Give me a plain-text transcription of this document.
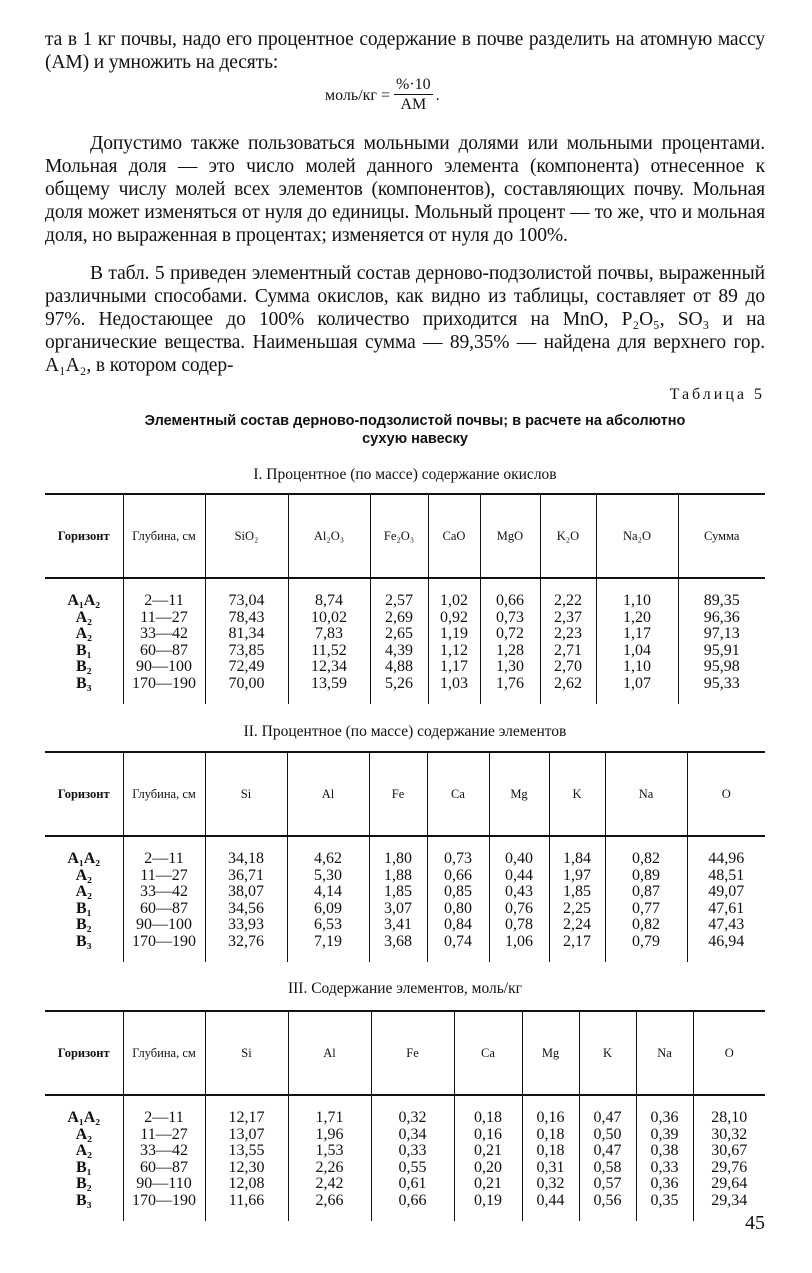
та в 1 кг почвы, надо его процентное содержание в почве разделить на атомную массу (AM) и умножить на десять:

моль/кг = $\frac{\%\cdot 10}{AM}$ .

Допустимо также пользоваться мольными долями или мольными процентами. Мольная доля — это число молей данного элемента (компонента) отнесенное к общему числу молей всех элементов (компонентов), составляющих почву. Мольная доля может изменяться от нуля до единицы. Мольный процент — то же, что и мольная доля, но выраженная в процентах; изменяется от нуля до 100%.

В табл. 5 приведен элементный состав дерново-подзолистой почвы, выраженный различными способами. Сумма окислов, как видно из таблицы, составляет от 89 до 97%. Недостающее до 100% количество приходится на MnO, P₂O₅, SO₃ и на органические вещества. Наименьшая сумма — 89,35% — найдена для верхнего гор. A₁A₂, в котором содер-

Таблица 5
Элементный состав дерново-подзолистой почвы; в расчете на абсолютно сухую навеску
I. Процентное (по массе) содержание окислов
Горизонт	Глубина, см	SiO₂	Al₂O₃	Fe₂O₃	CaO	MgO	K₂O	Na₂O	Сумма

A₁A₂	2—11	73,04	8,74	2,57	1,02	0,66	2,22	1,10	89,35
A₂	11—27	78,43	10,02	2,69	0,92	0,73	2,37	1,20	96,36
A₂	33—42	81,34	7,83	2,65	1,19	0,72	2,23	1,17	97,13
B₁	60—87	73,85	11,52	4,39	1,12	1,28	2,71	1,04	95,91
B₂	90—100	72,49	12,34	4,88	1,17	1,30	2,70	1,10	95,98
B₃	170—190	70,00	13,59	5,26	1,03	1,76	2,62	1,07	95,33

II. Процентное (по массе) содержание элементов
Горизонт	Глубина, см	Si	Al	Fe	Ca	Mg	K	Na	O

A₁A₂	2—11	34,18	4,62	1,80	0,73	0,40	1,84	0,82	44,96
A₂	11—27	36,71	5,30	1,88	0,66	0,44	1,97	0,89	48,51
A₂	33—42	38,07	4,14	1,85	0,85	0,43	1,85	0,87	49,07
B₁	60—87	34,56	6,09	3,07	0,80	0,76	2,25	0,77	47,61
B₂	90—100	33,93	6,53	3,41	0,84	0,78	2,24	0,82	47,43
B₃	170—190	32,76	7,19	3,68	0,74	1,06	2,17	0,79	46,94

III. Содержание элементов, моль/кг
Горизонт	Глубина, см	Si	Al	Fe	Ca	Mg	K	Na	O

A₁A₂	2—11	12,17	1,71	0,32	0,18	0,16	0,47	0,36	28,10
A₂	11—27	13,07	1,96	0,34	0,16	0,18	0,50	0,39	30,32
A₂	33—42	13,55	1,53	0,33	0,21	0,18	0,47	0,38	30,67
B₁	60—87	12,30	2,26	0,55	0,20	0,31	0,58	0,33	29,76
B₂	90—110	12,08	2,42	0,61	0,21	0,32	0,57	0,36	29,64
B₃	170—190	11,66	2,66	0,66	0,19	0,44	0,56	0,35	29,34

45
